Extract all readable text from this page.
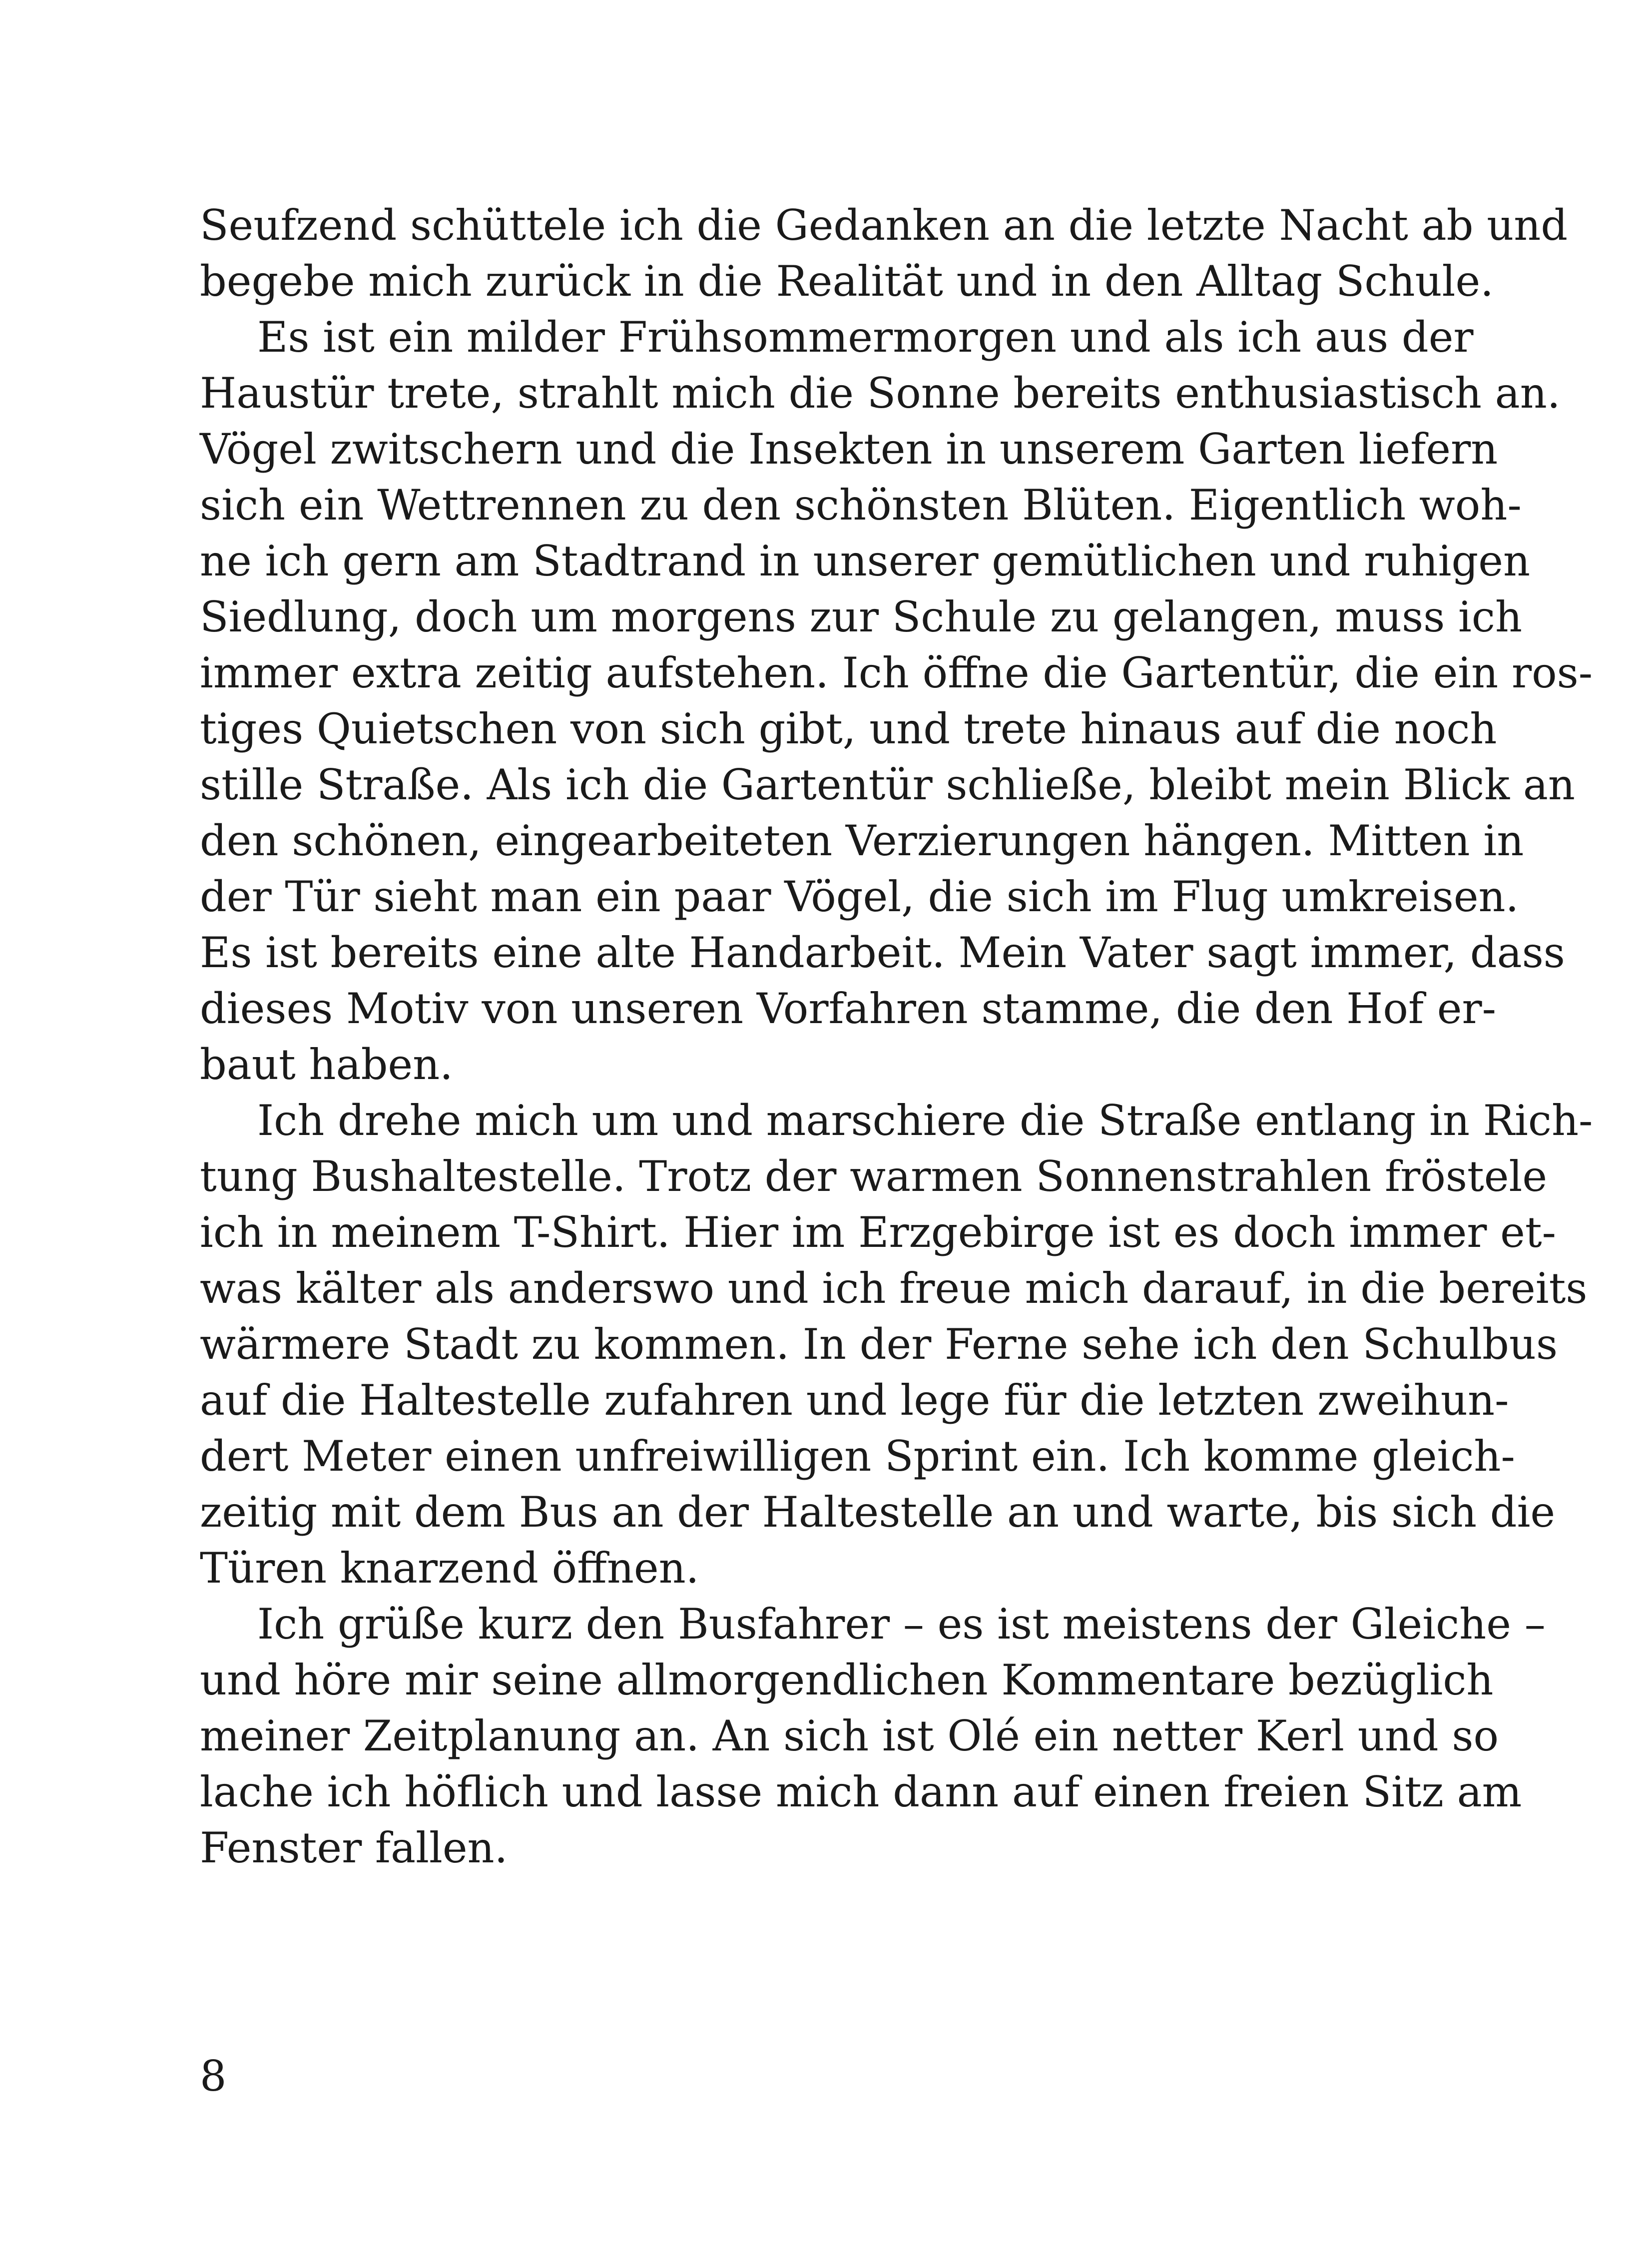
Seufzend schüttele ich die Gedanken an die letzte Nacht ab und
begebe mich zurück in die Realität und in den Alltag Schule.
Es ist ein milder Frühsommermorgen und als ich aus der
Haustür trete, strahlt mich die Sonne bereits enthusiastisch an.
Vögel zwitschern und die Insekten in unserem Garten liefern
sich ein Wettrennen zu den schönsten Blüten. Eigentlich woh-
ne ich gern am Stadtrand in unserer gemütlichen und ruhigen
Siedlung, doch um morgens zur Schule zu gelangen, muss ich
immer extra zeitig aufstehen. Ich öffne die Gartentür, die ein ros-
tiges Quietschen von sich gibt, und trete hinaus auf die noch
stille Straße. Als ich die Gartentür schließe, bleibt mein Blick an
den schönen, eingearbeiteten Verzierungen hängen. Mitten in
der Tür sieht man ein paar Vögel, die sich im Flug umkreisen.
Es ist bereits eine alte Handarbeit. Mein Vater sagt immer, dass
dieses Motiv von unseren Vorfahren stamme, die den Hof er-
baut haben.
Ich drehe mich um und marschiere die Straße entlang in Rich-
tung Bushaltestelle. Trotz der warmen Sonnenstrahlen fröstele
ich in meinem T-Shirt. Hier im Erzgebirge ist es doch immer et-
was kälter als anderswo und ich freue mich darauf, in die bereits
wärmere Stadt zu kommen. In der Ferne sehe ich den Schulbus
auf die Haltestelle zufahren und lege für die letzten zweihun-
dert Meter einen unfreiwilligen Sprint ein. Ich komme gleich-
zeitig mit dem Bus an der Haltestelle an und warte, bis sich die
Türen knarzend öffnen.
Ich grüße kurz den Busfahrer – es ist meistens der Gleiche –
und höre mir seine allmorgendlichen Kommentare bezüglich
meiner Zeitplanung an. An sich ist Olé ein netter Kerl und so
lache ich höflich und lasse mich dann auf einen freien Sitz am
Fenster fallen.
8
